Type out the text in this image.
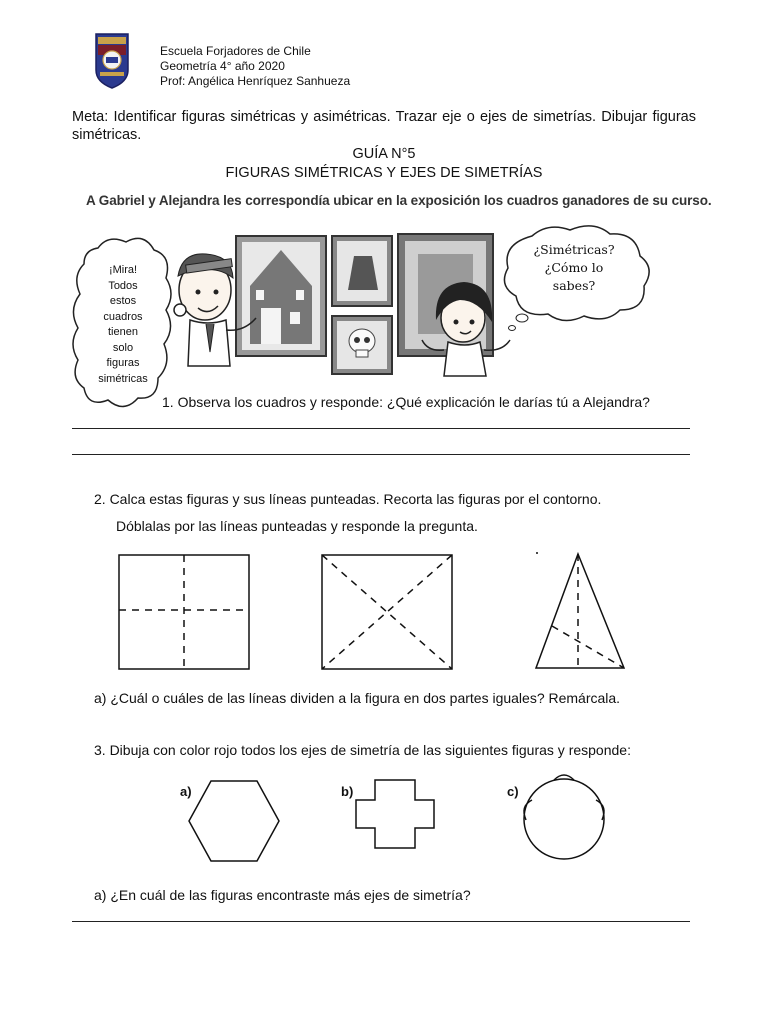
Escuela Forjadores de Chile
Geometría 4° año 2020
Prof: Angélica Henríquez Sanhueza
Meta: Identificar figuras simétricas y asimétricas. Trazar eje o ejes de simetrías. Dibujar figuras simétricas.
GUÍA N°5
FIGURAS SIMÉTRICAS Y EJES DE SIMETRÍAS
A Gabriel y Alejandra les correspondía ubicar en la exposición los cuadros ganadores de su curso.
¡Mira!
Todos
estos
cuadros
tienen
solo
figuras
simétricas
¿Simétricas?
¿Cómo lo
sabes?
1. Observa los cuadros y responde: ¿Qué explicación le darías tú a Alejandra?
2. Calca estas figuras y sus líneas punteadas. Recorta las figuras por el contorno.
Dóblalas por las líneas punteadas y responde la pregunta.
a) ¿Cuál o cuáles de las líneas dividen a la figura en dos partes iguales? Remárcala.
3. Dibuja con color rojo todos los ejes de simetría de las siguientes figuras y responde:
a)	b)	c)
a) ¿En cuál de las figuras encontraste más ejes de simetría?
